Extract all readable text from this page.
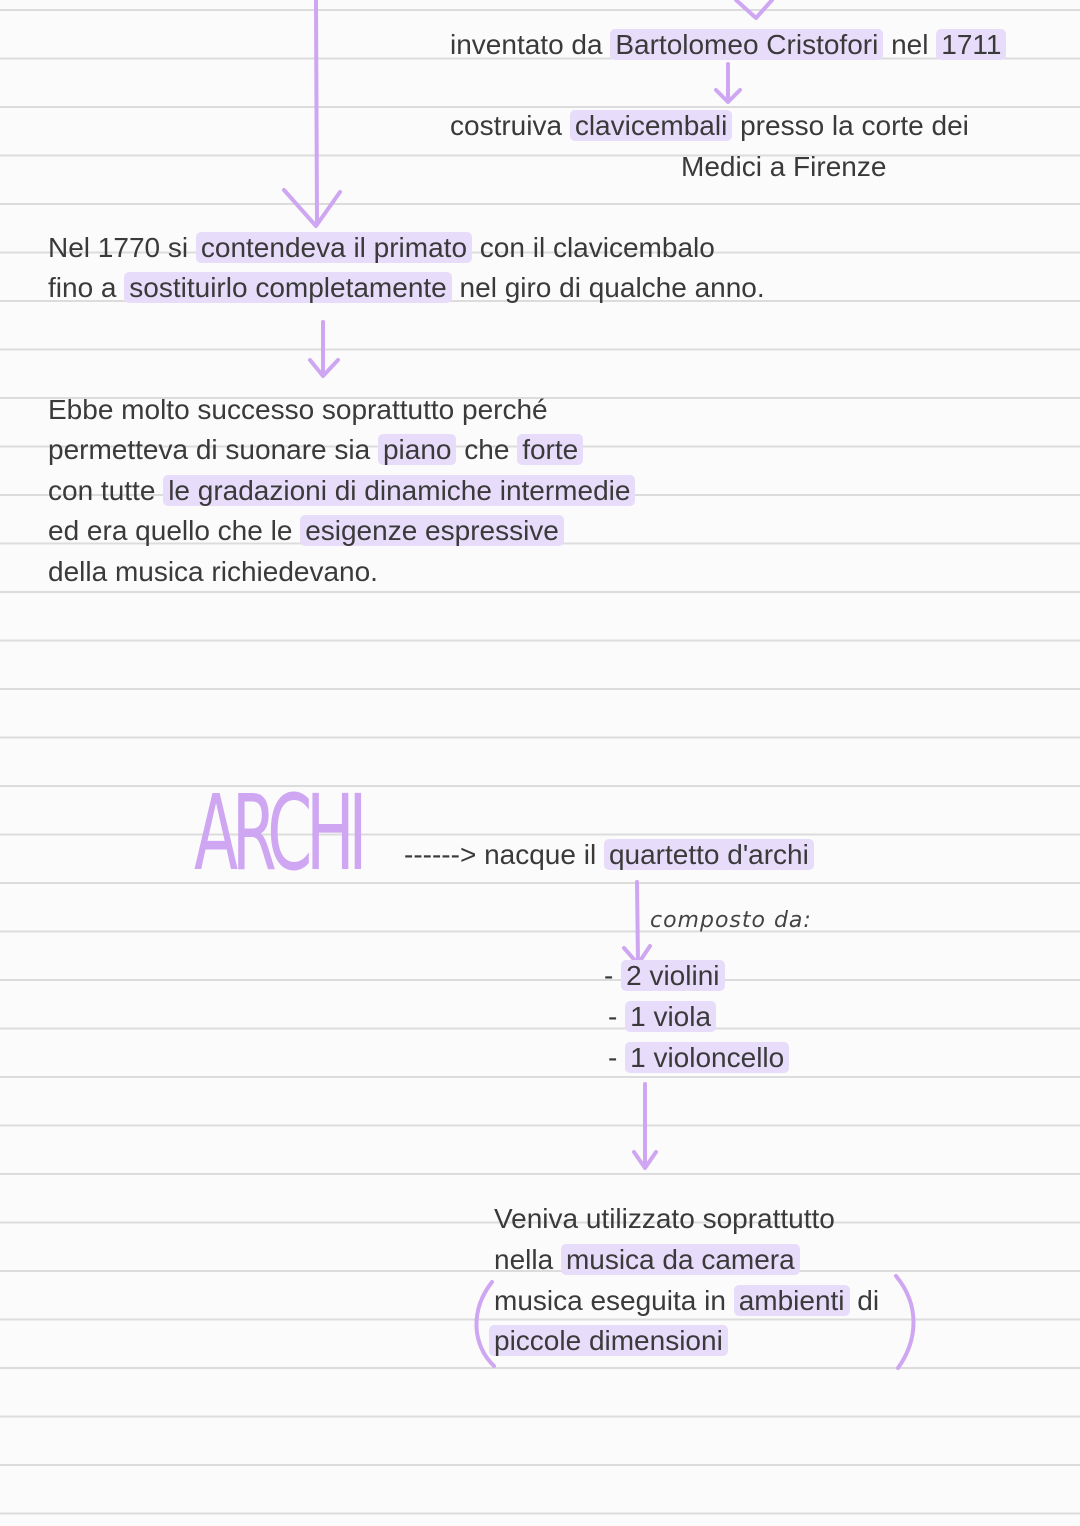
inventato da Bartolomeo Cristofori nel 1711
costruiva clavicembali presso la corte dei
Medici a Firenze
Nel 1770 si contendeva il primato con il clavicembalo
fino a sostituirlo completamente nel giro di qualche anno.
Ebbe molto successo soprattutto perché
permetteva di suonare sia piano che forte
con tutte le gradazioni di dinamiche intermedie
ed era quello che le esigenze espressive
della musica richiedevano.
ARCHI ------> nacque il quartetto d'archi
composto da:
- 2 violini
- 1 viola
- 1 violoncello
Veniva utilizzato soprattutto
nella musica da camera
musica eseguita in ambienti di
piccole dimensioni
